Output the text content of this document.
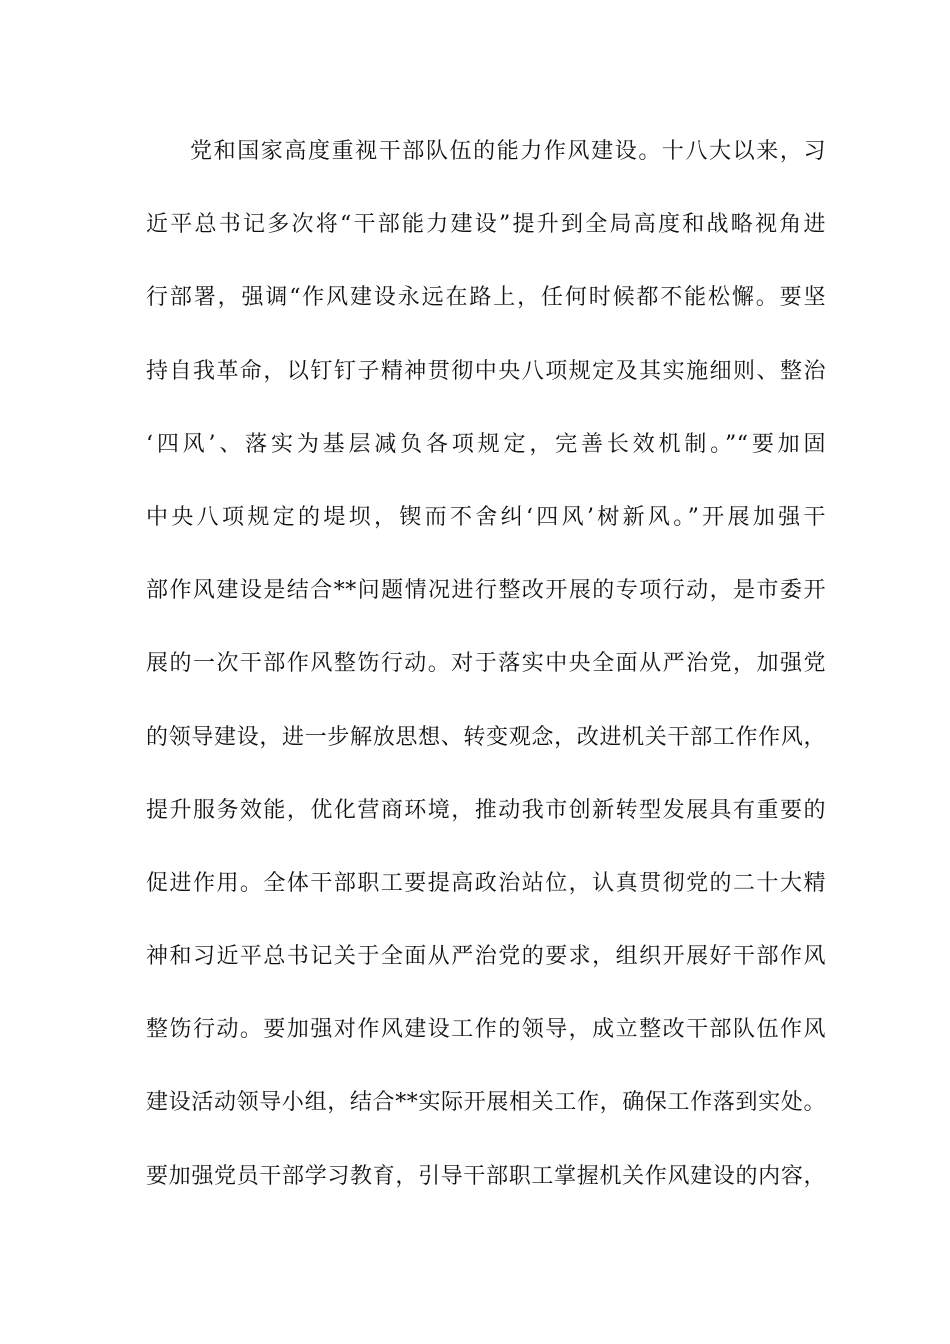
党和国家高度重视干部队伍的能力作风建设。十八大以来，习
近平总书记多次将“干部能力建设”提升到全局高度和战略视角进
行部署，强调“作风建设永远在路上，任何时候都不能松懈。要坚
持自我革命，以钉钉子精神贯彻中央八项规定及其实施细则、整治
‘四风’、落实为基层减负各项规定，完善长效机制。”“要加固
中央八项规定的堤坝，锲而不舍纠‘四风’树新风。”开展加强干
部作风建设是结合**问题情况进行整改开展的专项行动，是市委开
展的一次干部作风整饬行动。对于落实中央全面从严治党，加强党
的领导建设，进一步解放思想、转变观念，改进机关干部工作作风，
提升服务效能，优化营商环境，推动我市创新转型发展具有重要的
促进作用。全体干部职工要提高政治站位，认真贯彻党的二十大精
神和习近平总书记关于全面从严治党的要求，组织开展好干部作风
整饬行动。要加强对作风建设工作的领导，成立整改干部队伍作风
建设活动领导小组，结合**实际开展相关工作，确保工作落到实处。
要加强党员干部学习教育，引导干部职工掌握机关作风建设的内容，
